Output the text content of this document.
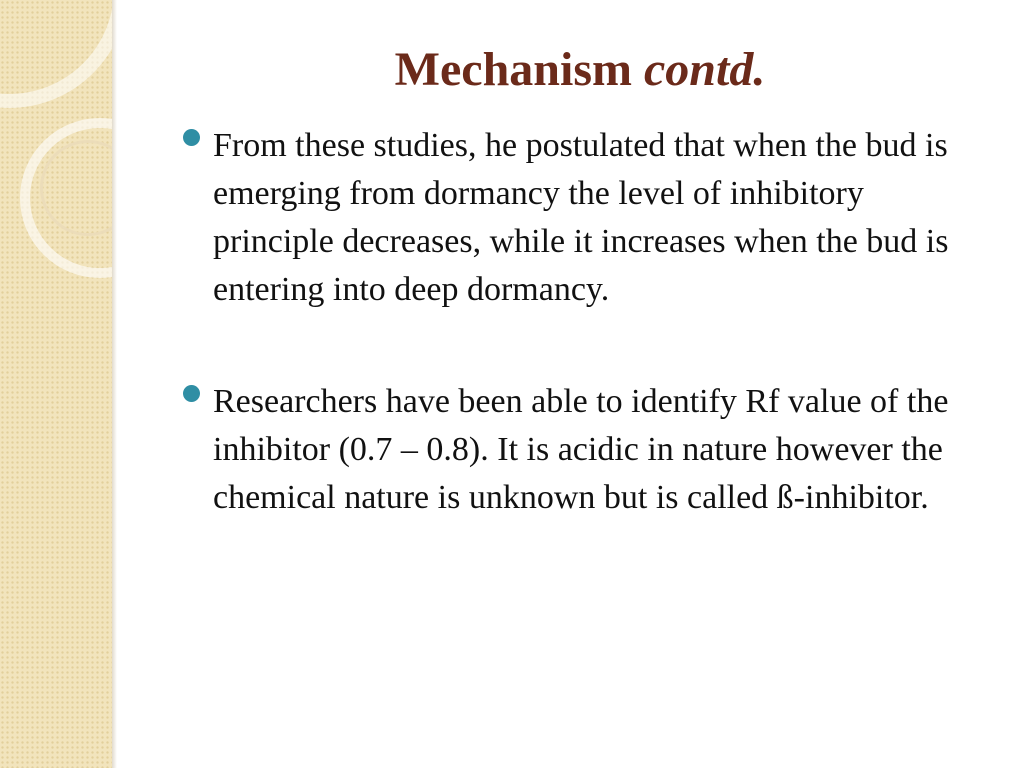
Mechanism contd.
From these studies, he postulated that when the bud is emerging from dormancy the level of inhibitory principle decreases, while it increases when the bud is entering into deep dormancy.
Researchers have been able to identify Rf value of the inhibitor (0.7 – 0.8). It is acidic in nature however the chemical nature is unknown but is called ß-inhibitor.
